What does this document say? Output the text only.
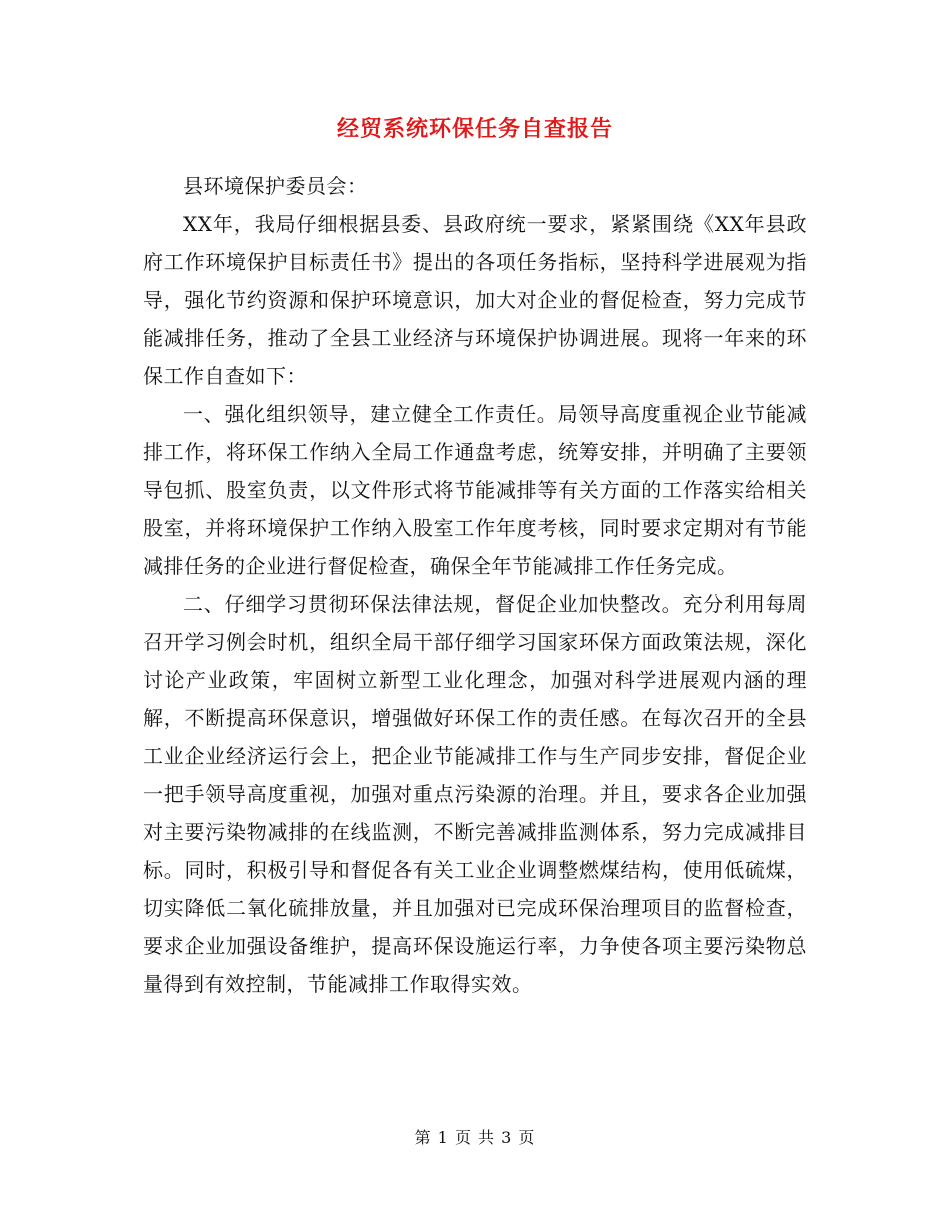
经贸系统环保任务自查报告

县环境保护委员会：

XX年，我局仔细根据县委、县政府统一要求，紧紧围绕《XX年县政府工作环境保护目标责任书》提出的各项任务指标，坚持科学进展观为指导，强化节约资源和保护环境意识，加大对企业的督促检查，努力完成节能减排任务，推动了全县工业经济与环境保护协调进展。现将一年来的环保工作自查如下：

一、强化组织领导，建立健全工作责任。局领导高度重视企业节能减排工作，将环保工作纳入全局工作通盘考虑，统筹安排，并明确了主要领导包抓、股室负责，以文件形式将节能减排等有关方面的工作落实给相关股室，并将环境保护工作纳入股室工作年度考核，同时要求定期对有节能减排任务的企业进行督促检查，确保全年节能减排工作任务完成。

二、仔细学习贯彻环保法律法规，督促企业加快整改。充分利用每周召开学习例会时机，组织全局干部仔细学习国家环保方面政策法规，深化讨论产业政策，牢固树立新型工业化理念，加强对科学进展观内涵的理解，不断提高环保意识，增强做好环保工作的责任感。在每次召开的全县工业企业经济运行会上，把企业节能减排工作与生产同步安排，督促企业一把手领导高度重视，加强对重点污染源的治理。并且，要求各企业加强对主要污染物减排的在线监测，不断完善减排监测体系，努力完成减排目标。同时，积极引导和督促各有关工业企业调整燃煤结构，使用低硫煤，切实降低二氧化硫排放量，并且加强对已完成环保治理项目的监督检查，要求企业加强设备维护，提高环保设施运行率，力争使各项主要污染物总量得到有效控制，节能减排工作取得实效。

第 1 页 共 3 页
